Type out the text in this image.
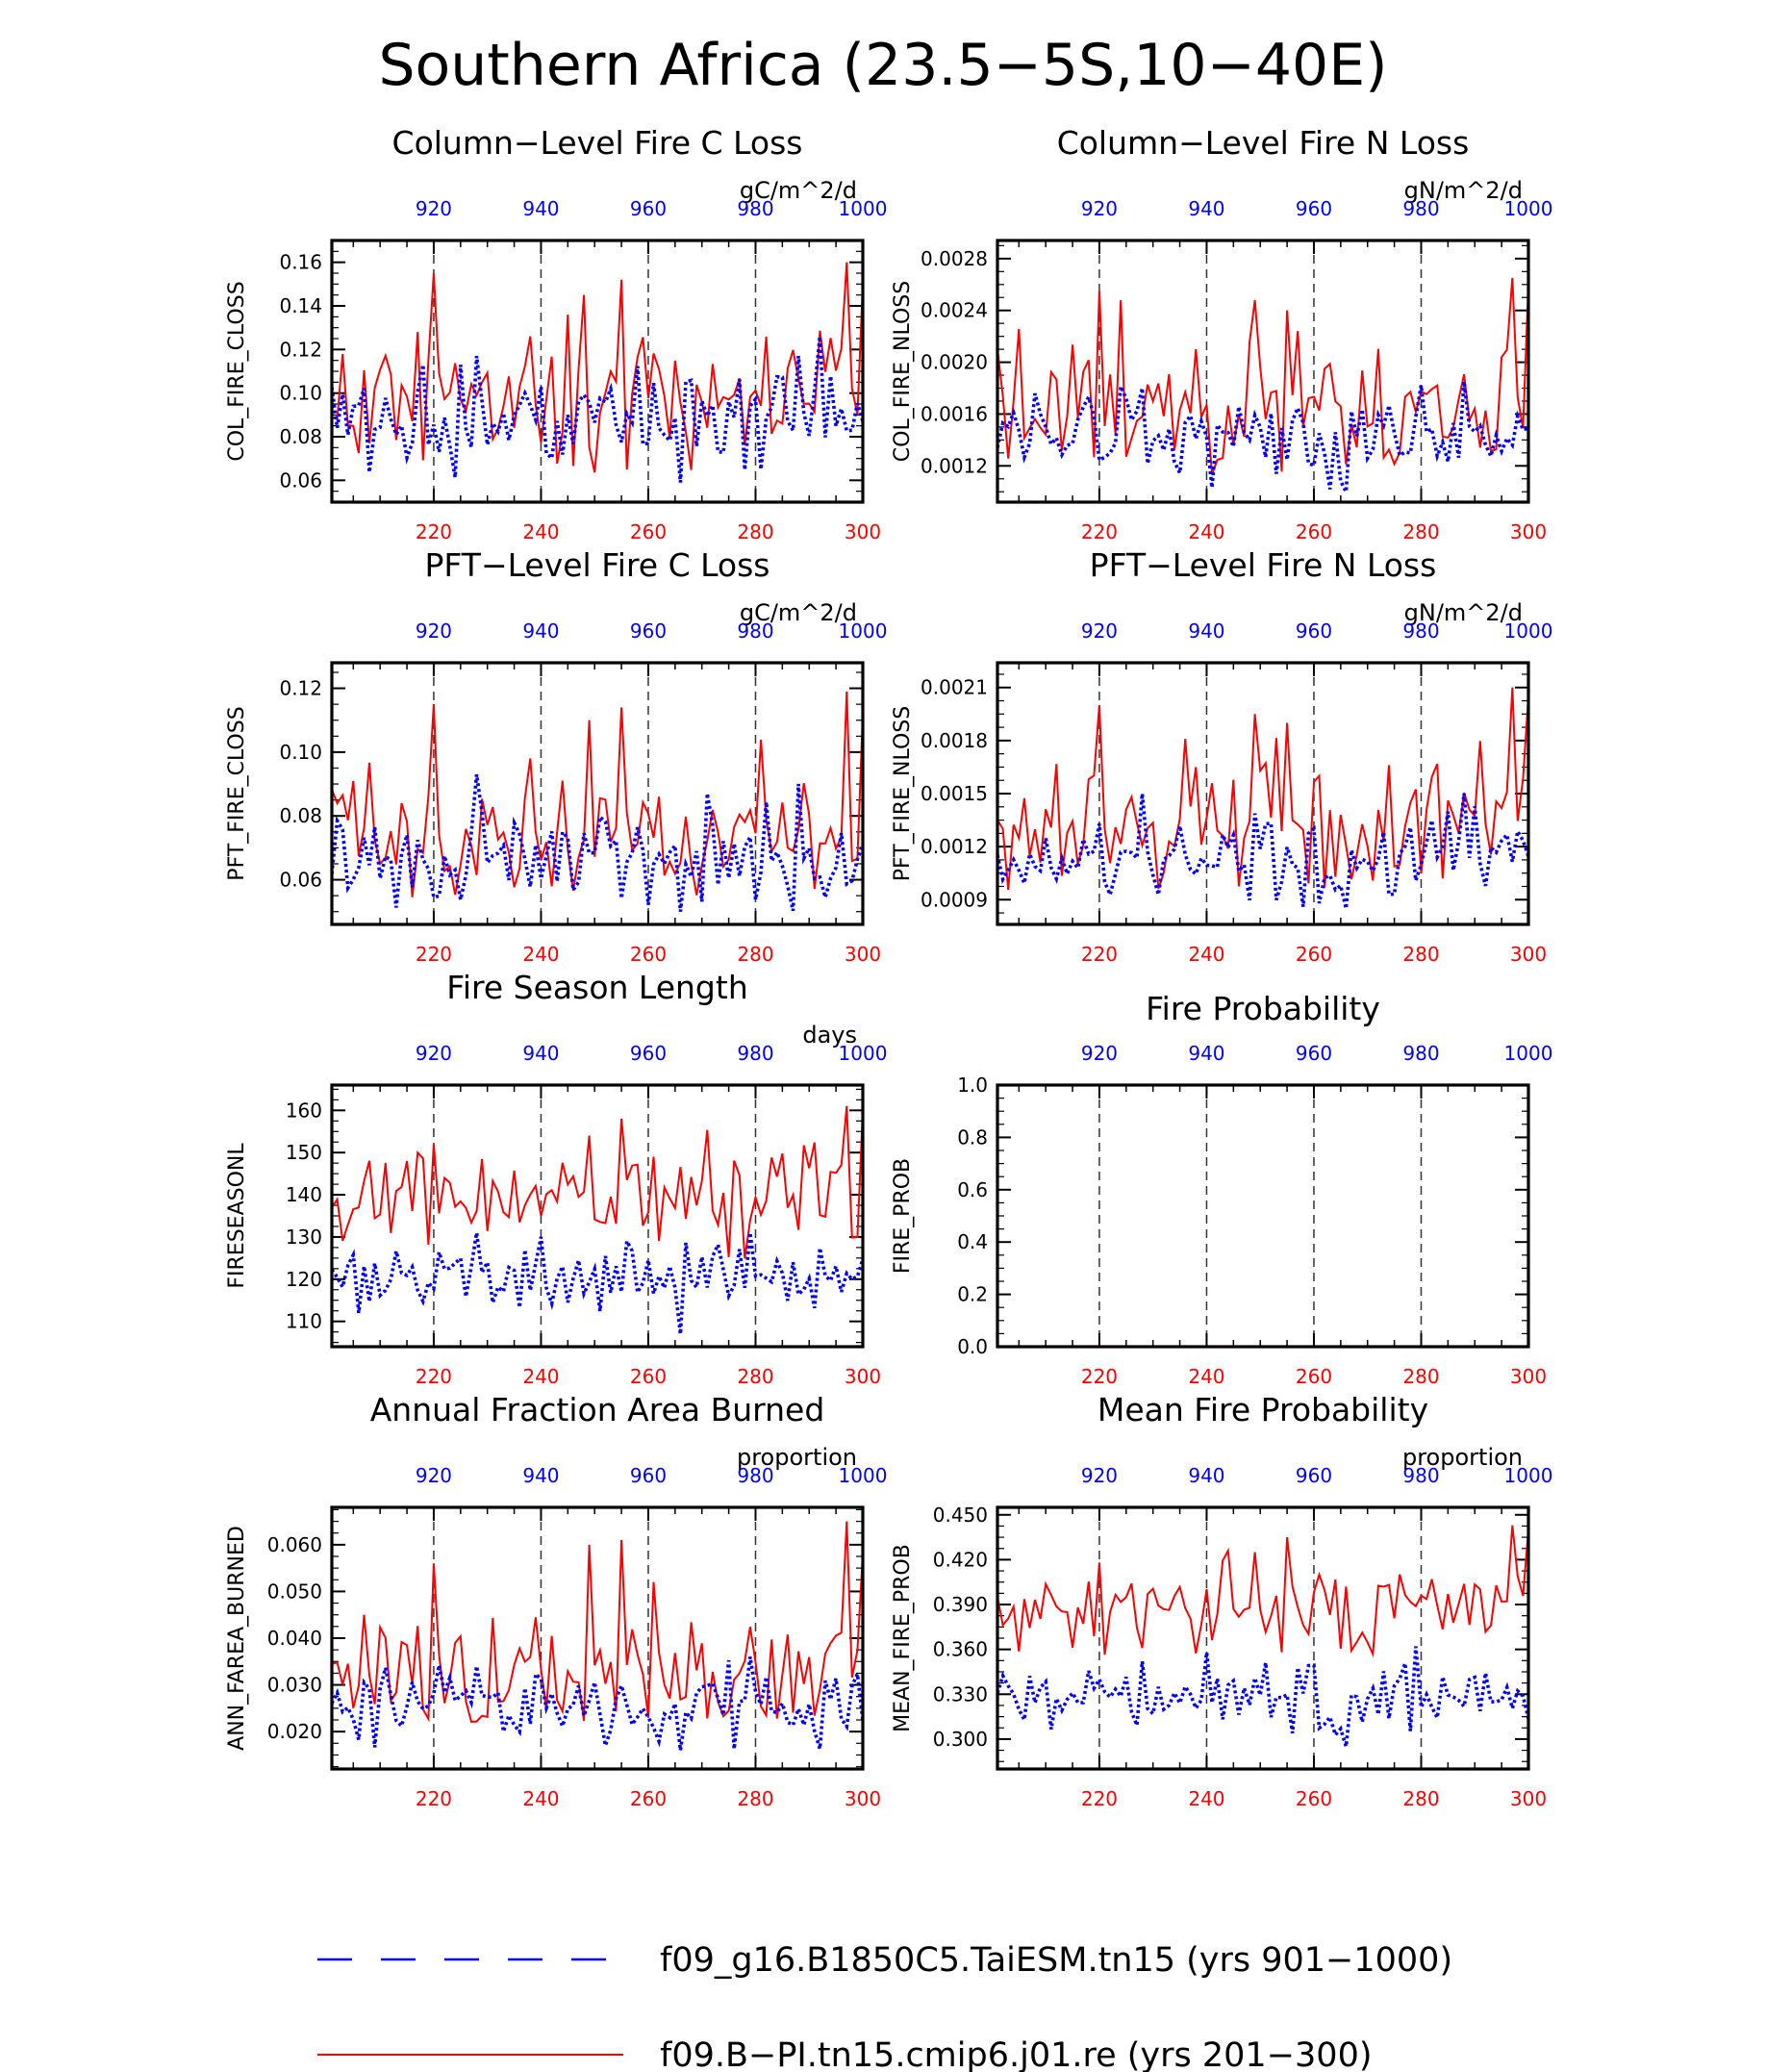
Southern Africa (23.5−5S,10−40E)
Column−Level Fire C Loss
gC/m^2/d
220
920
240
940
260
960
280
980
300
1000
0.06
0.08
0.10
0.12
0.14
0.16
COL_FIRE_CLOSS
Column−Level Fire N Loss
gN/m^2/d
220
920
240
940
260
960
280
980
300
1000
0.0012
0.0016
0.0020
0.0024
0.0028
COL_FIRE_NLOSS
PFT−Level Fire C Loss
gC/m^2/d
220
920
240
940
260
960
280
980
300
1000
0.06
0.08
0.10
0.12
PFT_FIRE_CLOSS
PFT−Level Fire N Loss
gN/m^2/d
220
920
240
940
260
960
280
980
300
1000
0.0009
0.0012
0.0015
0.0018
0.0021
PFT_FIRE_NLOSS
Fire Season Length
days
220
920
240
940
260
960
280
980
300
1000
110
120
130
140
150
160
FIRESEASONL
Fire Probability
220
920
240
940
260
960
280
980
300
1000
0.0
0.2
0.4
0.6
0.8
1.0
FIRE_PROB
Annual Fraction Area Burned
proportion
220
920
240
940
260
960
280
980
300
1000
0.020
0.030
0.040
0.050
0.060
ANN_FAREA_BURNED
Mean Fire Probability
proportion
220
920
240
940
260
960
280
980
300
1000
0.300
0.330
0.360
0.390
0.420
0.450
MEAN_FIRE_PROB
f09_g16.B1850C5.TaiESM.tn15 (yrs 901−1000)
f09.B−PI.tn15.cmip6.j01.re (yrs 201−300)
